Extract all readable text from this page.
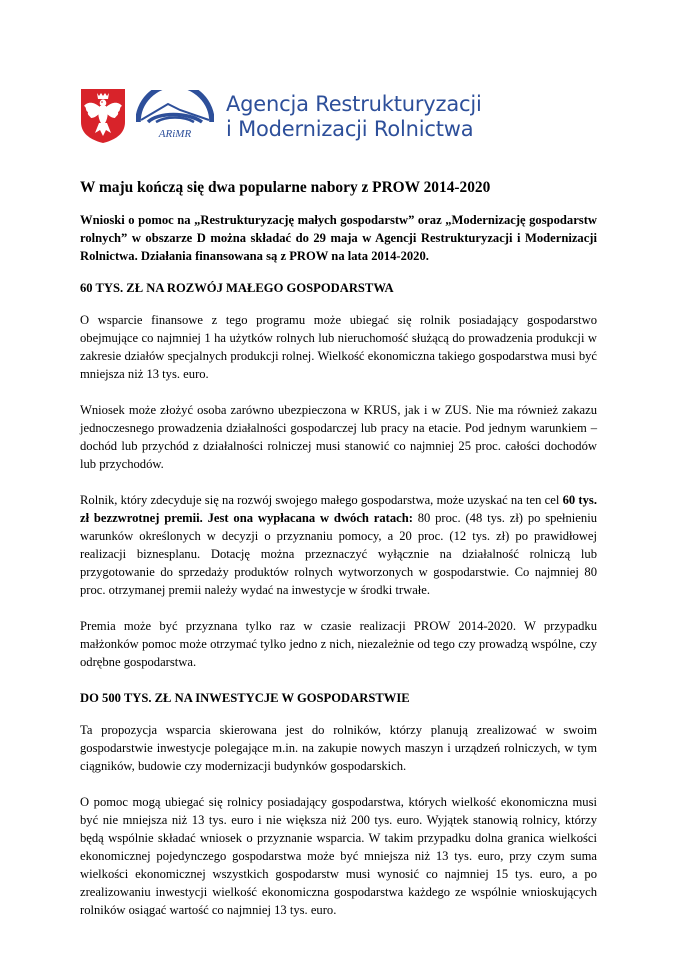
ARiMR
Agencja Restrukturyzacji
i Modernizacji Rolnictwa
W maju kończą się dwa popularne nabory z PROW 2014-2020

Wnioski o pomoc na „Restrukturyzację małych gospodarstw” oraz „Modernizację gospodarstw rolnych” w obszarze D można składać do 29 maja w Agencji Restrukturyzacji i Modernizacji Rolnictwa. Działania finansowana są z PROW na lata 2014-2020.

60 TYS. ZŁ NA ROZWÓJ MAŁEGO GOSPODARSTWA

O wsparcie finansowe z tego programu może ubiegać się rolnik posiadający gospodarstwo obejmujące co najmniej 1 ha użytków rolnych lub nieruchomość służącą do prowadzenia produkcji w zakresie działów specjalnych produkcji rolnej. Wielkość ekonomiczna takiego gospodarstwa musi być mniejsza niż 13 tys. euro.

Wniosek może złożyć osoba zarówno ubezpieczona w KRUS, jak i w ZUS. Nie ma również zakazu jednoczesnego prowadzenia działalności gospodarczej lub pracy na etacie. Pod jednym warunkiem – dochód lub przychód z działalności rolniczej musi stanowić co najmniej 25 proc. całości dochodów lub przychodów.

Rolnik, który zdecyduje się na rozwój swojego małego gospodarstwa, może uzyskać na ten cel 60 tys. zł bezzwrotnej premii. Jest ona wypłacana w dwóch ratach: 80 proc. (48 tys. zł) po spełnieniu warunków określonych w decyzji o przyznaniu pomocy, a 20 proc. (12 tys. zł) po prawidłowej realizacji biznesplanu. Dotację można przeznaczyć wyłącznie na działalność rolniczą lub przygotowanie do sprzedaży produktów rolnych wytworzonych w gospodarstwie. Co najmniej 80 proc. otrzymanej premii należy wydać na inwestycje w środki trwałe.

Premia może być przyznana tylko raz w czasie realizacji PROW 2014-2020. W przypadku małżonków pomoc może otrzymać tylko jedno z nich, niezależnie od tego czy prowadzą wspólne, czy odrębne gospodarstwa.

DO 500 TYS. ZŁ NA INWESTYCJE W GOSPODARSTWIE

Ta propozycja wsparcia skierowana jest do rolników, którzy planują zrealizować w swoim gospodarstwie inwestycje polegające m.in. na zakupie nowych maszyn i urządzeń rolniczych, w tym ciągników, budowie czy modernizacji budynków gospodarskich.

O pomoc mogą ubiegać się rolnicy posiadający gospodarstwa, których wielkość ekonomiczna musi być nie mniejsza niż 13 tys. euro i nie większa niż 200 tys. euro. Wyjątek stanowią rolnicy, którzy będą wspólnie składać wniosek o przyznanie wsparcia. W takim przypadku dolna granica wielkości ekonomicznej pojedynczego gospodarstwa może być mniejsza niż 13 tys. euro, przy czym suma wielkości ekonomicznej wszystkich gospodarstw musi wynosić co najmniej 15 tys. euro, a po zrealizowaniu inwestycji wielkość ekonomiczna gospodarstwa każdego ze wspólnie wnioskujących rolników osiągać wartość co najmniej 13 tys. euro.
